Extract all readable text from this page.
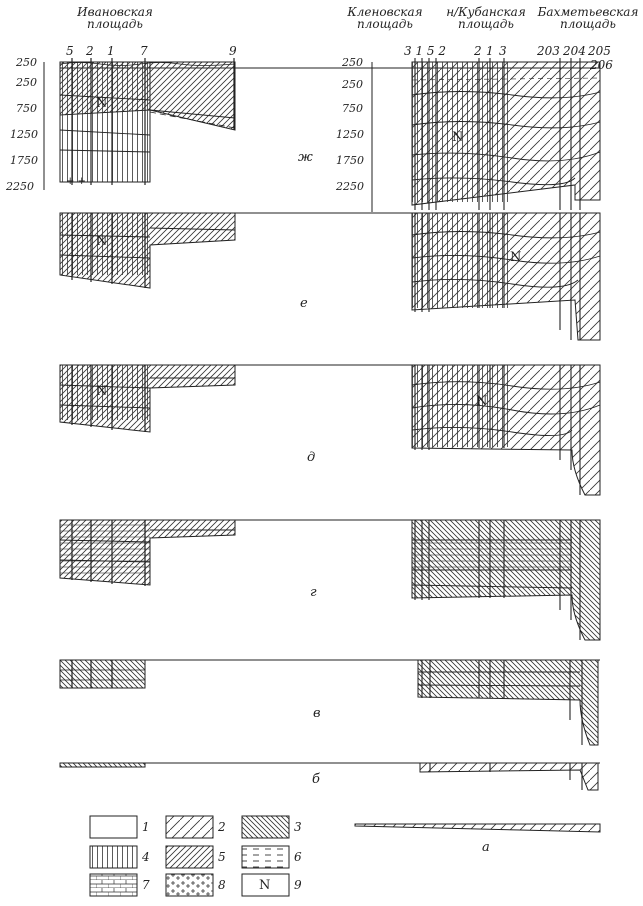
Ивановская
площадь
Кленовская
площадь
н/Кубанская
площадь
Бахметьевская
площадь
5 2 1 7	9	3 1 5 2 2 1 3	203 204 205
206
250
250
750
1250
1750
2250
250
250
750
1250
1750
2250
+ +
N
N
N
N
N
N
ж
е
д
г
в
б
а
1	2	3
4	5	6
7	8	9
N
